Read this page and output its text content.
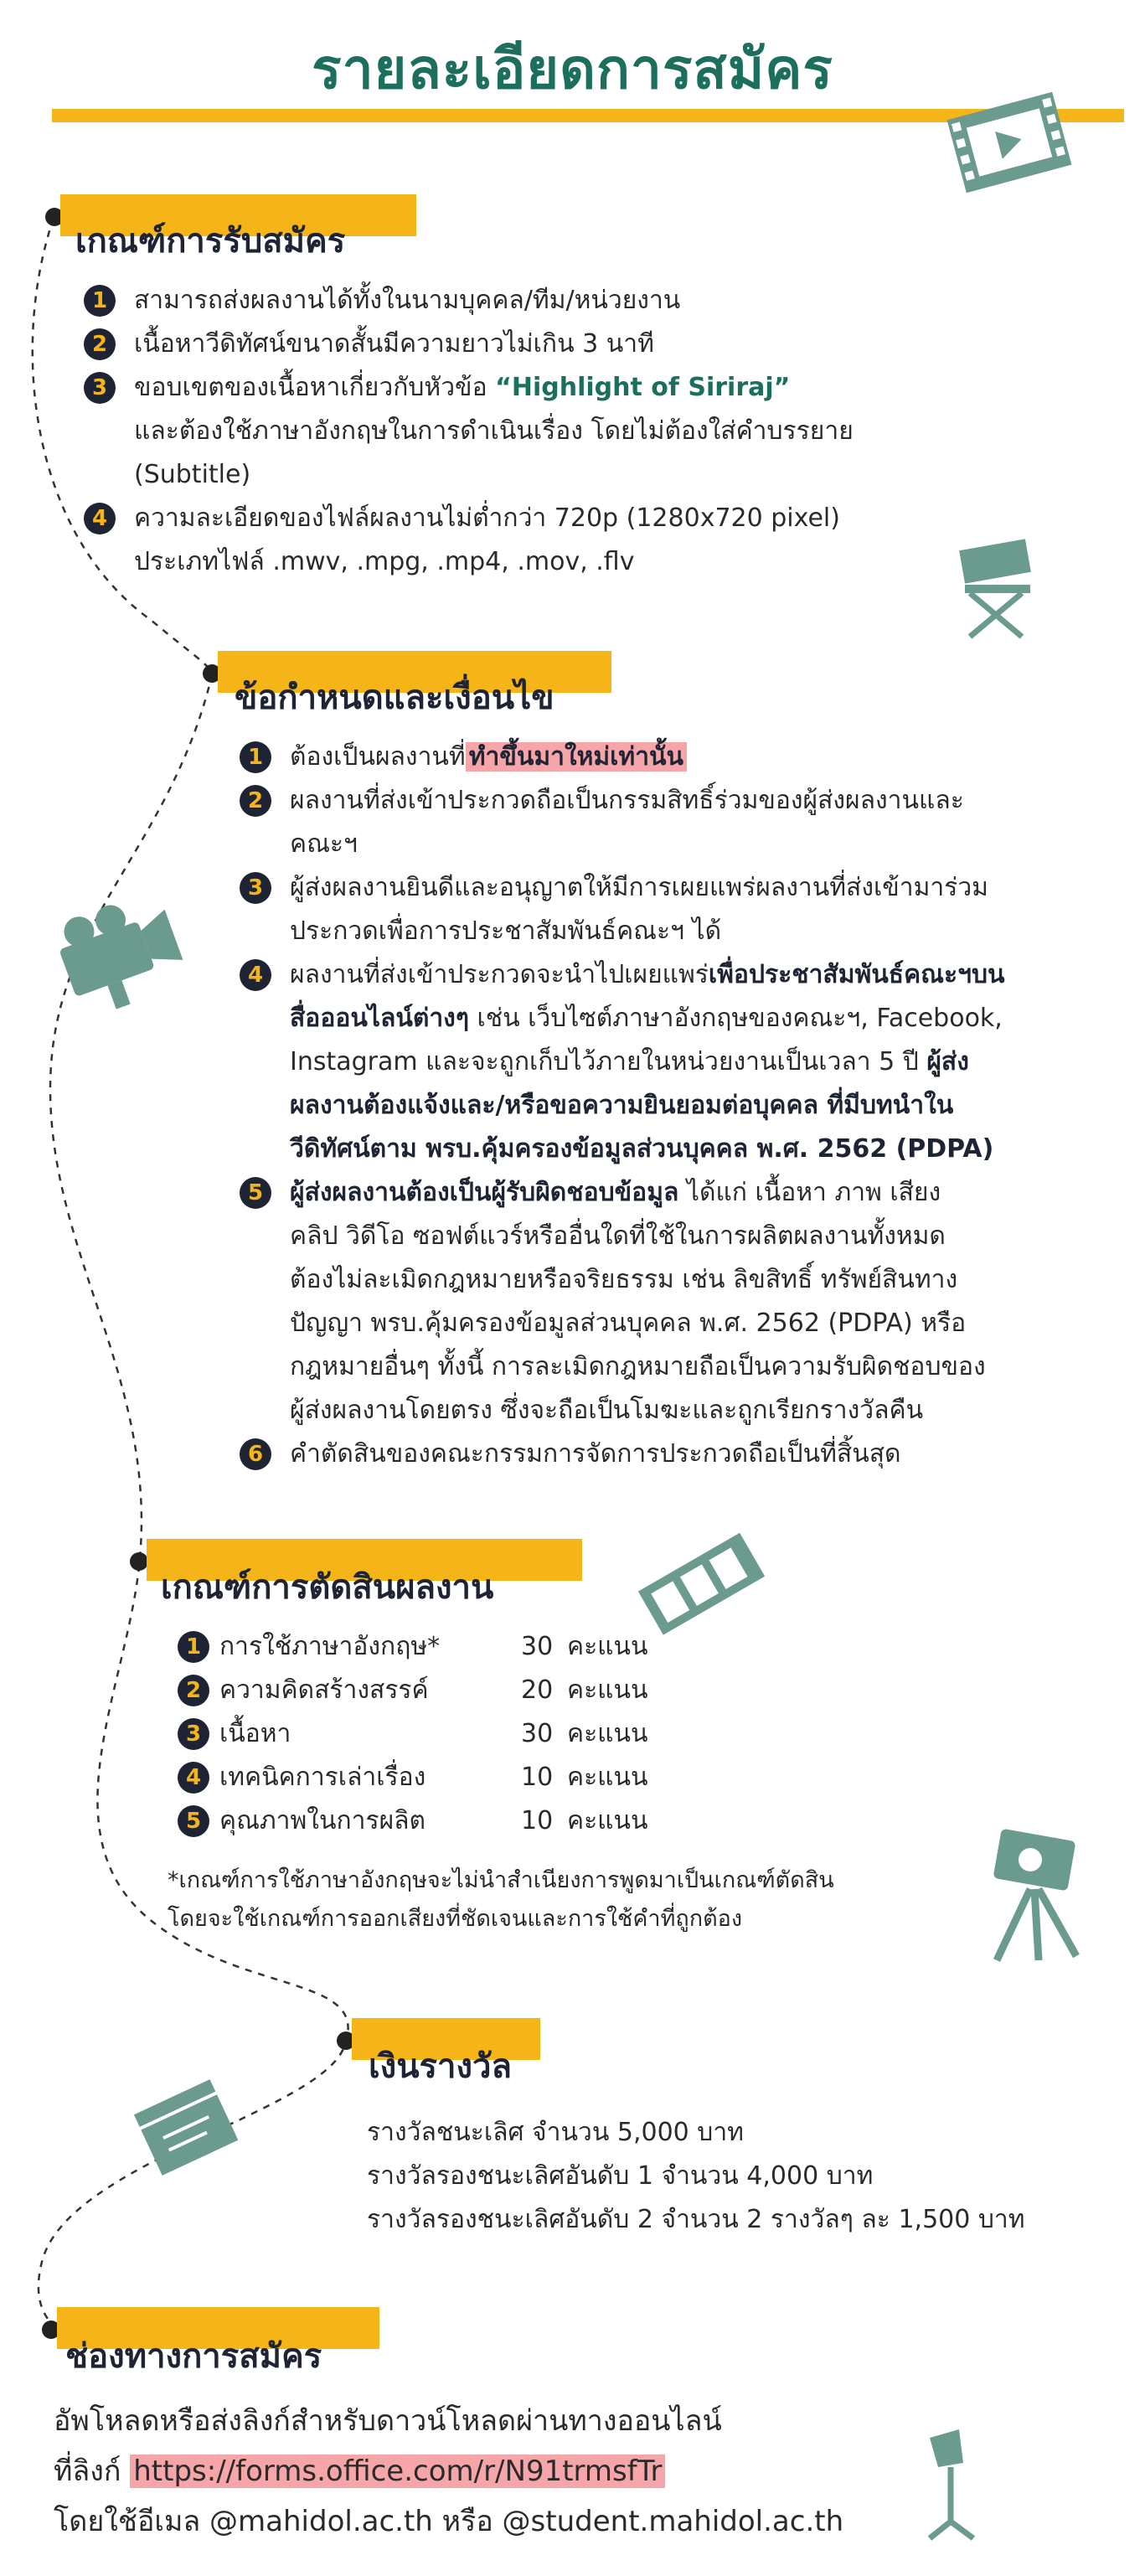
รายละเอียดการสมัคร
เกณฑ์การรับสมัคร
1	สามารถส่งผลงานได้ทั้งในนามบุคคล/ทีม/หน่วยงาน
2	เนื้อหาวีดิทัศน์ขนาดสั้นมีความยาวไม่เกิน 3 นาที
3	ขอบเขตของเนื้อหาเกี่ยวกับหัวข้อ “Highlight of Siriraj”
และต้องใช้ภาษาอังกฤษในการดำเนินเรื่อง โดยไม่ต้องใส่คำบรรยาย
(Subtitle)
4	ความละเอียดของไฟล์ผลงานไม่ต่ำกว่า 720p (1280x720 pixel)
ประเภทไฟล์ .mwv, .mpg, .mp4, .mov, .flv
ข้อกำหนดและเงื่อนไข
1	ต้องเป็นผลงานที่ ทำขึ้นมาใหม่เท่านั้น
2	ผลงานที่ส่งเข้าประกวดถือเป็นกรรมสิทธิ์ร่วมของผู้ส่งผลงานและ
คณะฯ
3	ผู้ส่งผลงานยินดีและอนุญาตให้มีการเผยแพร่ผลงานที่ส่งเข้ามาร่วม
ประกวดเพื่อการประชาสัมพันธ์คณะฯ ได้
4	ผลงานที่ส่งเข้าประกวดจะนำไปเผยแพร่เพื่อประชาสัมพันธ์คณะฯบน
สื่อออนไลน์ต่างๆ เช่น เว็บไซต์ภาษาอังกฤษของคณะฯ, Facebook,
Instagram และจะถูกเก็บไว้ภายในหน่วยงานเป็นเวลา 5 ปี ผู้ส่ง
ผลงานต้องแจ้งและ/หรือขอความยินยอมต่อบุคคล ที่มีบทนำใน
วีดิทัศน์ตาม พรบ.คุ้มครองข้อมูลส่วนบุคคล พ.ศ. 2562 (PDPA)
5	ผู้ส่งผลงานต้องเป็นผู้รับผิดชอบข้อมูล ได้แก่ เนื้อหา ภาพ เสียง
คลิป วิดีโอ ซอฟต์แวร์หรืออื่นใดที่ใช้ในการผลิตผลงานทั้งหมด
ต้องไม่ละเมิดกฎหมายหรือจริยธรรม เช่น ลิขสิทธิ์ ทรัพย์สินทาง
ปัญญา พรบ.คุ้มครองข้อมูลส่วนบุคคล พ.ศ. 2562 (PDPA) หรือ
กฎหมายอื่นๆ ทั้งนี้ การละเมิดกฎหมายถือเป็นความรับผิดชอบของ
ผู้ส่งผลงานโดยตรง ซึ่งจะถือเป็นโมฆะและถูกเรียกรางวัลคืน
6	คำตัดสินของคณะกรรมการจัดการประกวดถือเป็นที่สิ้นสุด
เกณฑ์การตัดสินผลงาน
1 การใช้ภาษาอังกฤษ*	30 คะแนน
2 ความคิดสร้างสรรค์	20 คะแนน
3 เนื้อหา	30 คะแนน
4 เทคนิคการเล่าเรื่อง	10 คะแนน
5 คุณภาพในการผลิต	10 คะแนน
*เกณฑ์การใช้ภาษาอังกฤษจะไม่นำสำเนียงการพูดมาเป็นเกณฑ์ตัดสิน
โดยจะใช้เกณฑ์การออกเสียงที่ชัดเจนและการใช้คำที่ถูกต้อง
เงินรางวัล
รางวัลชนะเลิศ จำนวน 5,000 บาท
รางวัลรองชนะเลิศอันดับ 1 จำนวน 4,000 บาท
รางวัลรองชนะเลิศอันดับ 2 จำนวน 2 รางวัลๆ ละ 1,500 บาท
ช่องทางการสมัคร
อัพโหลดหรือส่งลิงก์สำหรับดาวน์โหลดผ่านทางออนไลน์
ที่ลิงก์ https://forms.office.com/r/N91trmsfTr
โดยใช้อีเมล @mahidol.ac.th หรือ @student.mahidol.ac.th
